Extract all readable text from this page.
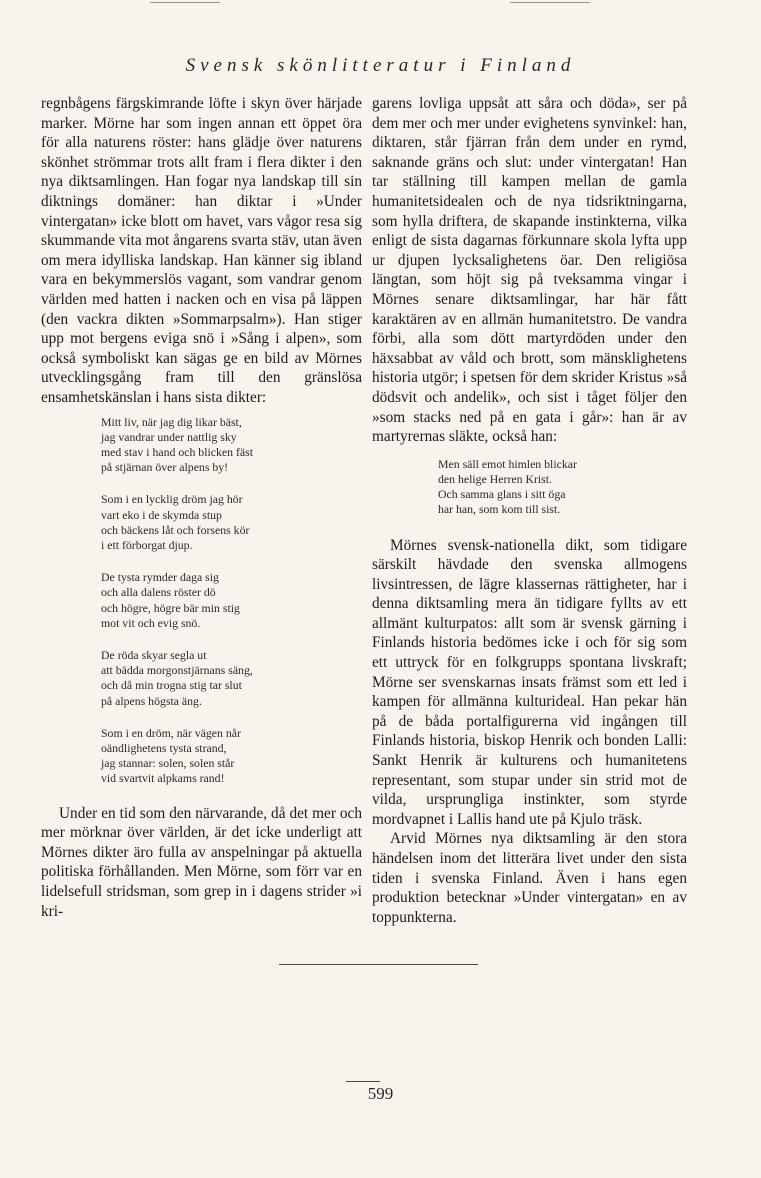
Svensk skönlitteratur i Finland

regnbågens färgskimrande löfte i skyn över härjade marker. Mörne har som ingen annan ett öppet öra för alla naturens röster: hans glädje över naturens skönhet strömmar trots allt fram i flera dikter i den nya diktsamlingen. Han fogar nya landskap till sin diktnings domäner: han diktar i »Under vintergatan» icke blott om havet, vars vågor resa sig skummande vita mot ångarens svarta stäv, utan även om mera idylliska landskap. Han känner sig ibland vara en bekymmerslös vagant, som vandrar genom världen med hatten i nacken och en visa på läppen (den vackra dikten »Sommarpsalm»). Han stiger upp mot bergens eviga snö i »Sång i alpen», som också symboliskt kan sägas ge en bild av Mörnes utvecklingsgång fram till den gränslösa ensamhetskänslan i hans sista dikter:

Mitt liv, när jag dig likar bäst,
jag vandrar under nattlig sky
med stav i hand och blicken fäst
på stjärnan över alpens by!
Som i en lycklig dröm jag hör
vart eko i de skymda stup
och bäckens låt och forsens kör
i ett förborgat djup.
De tysta rymder daga sig
och alla dalens röster dö
och högre, högre bär min stig
mot vit och evig snö.
De röda skyar segla ut
att bädda morgonstjärnans säng,
och då min trogna stig tar slut
på alpens högsta äng.
Som i en dröm, när vägen når
oändlighetens tysta strand,
jag stannar: solen, solen står
vid svartvit alpkams rand!

Under en tid som den närvarande, då det mer och mer mörknar över världen, är det icke underligt att Mörnes dikter äro fulla av anspelningar på aktuella politiska förhållanden. Men Mörne, som förr var en lidelsefull stridsman, som grep in i dagens strider »i kri-

garens lovliga uppsåt att såra och döda», ser på dem mer och mer under evighetens synvinkel: han, diktaren, står fjärran från dem under en rymd, saknande gräns och slut: under vintergatan! Han tar ställning till kampen mellan de gamla humanitetsidealen och de nya tidsriktningarna, som hylla driftera, de skapande instinkterna, vilka enligt de sista dagarnas förkunnare skola lyfta upp ur djupen lycksalighetens öar. Den religiösa längtan, som höjt sig på tveksamma vingar i Mörnes senare diktsamlingar, har här fått karaktären av en allmän humanitetstro. De vandra förbi, alla som dött martyrdöden under den häxsabbat av våld och brott, som mänsklighetens historia utgör; i spetsen för dem skrider Kristus »så dödsvit och andelik», och sist i tåget följer den »som stacks ned på en gata i går»: han är av martyrernas släkte, också han:

Men säll emot himlen blickar
den helige Herren Krist.
Och samma glans i sitt öga
har han, som kom till sist.

Mörnes svensk-nationella dikt, som tidigare särskilt hävdade den svenska allmogens livsintressen, de lägre klassernas rättigheter, har i denna diktsamling mera än tidigare fyllts av ett allmänt kulturpatos: allt som är svensk gärning i Finlands historia bedömes icke i och för sig som ett uttryck för en folkgrupps spontana livskraft; Mörne ser svenskarnas insats främst som ett led i kampen för allmänna kulturideal. Han pekar hän på de båda portalfigurerna vid ingången till Finlands historia, biskop Henrik och bonden Lalli: Sankt Henrik är kulturens och humanitetens representant, som stupar under sin strid mot de vilda, ursprungliga instinkter, som styrde mordvapnet i Lallis hand ute på Kjulo träsk.

Arvid Mörnes nya diktsamling är den stora händelsen inom det litterära livet under den sista tiden i svenska Finland. Även i hans egen produktion betecknar »Under vintergatan» en av toppunkterna.

599
